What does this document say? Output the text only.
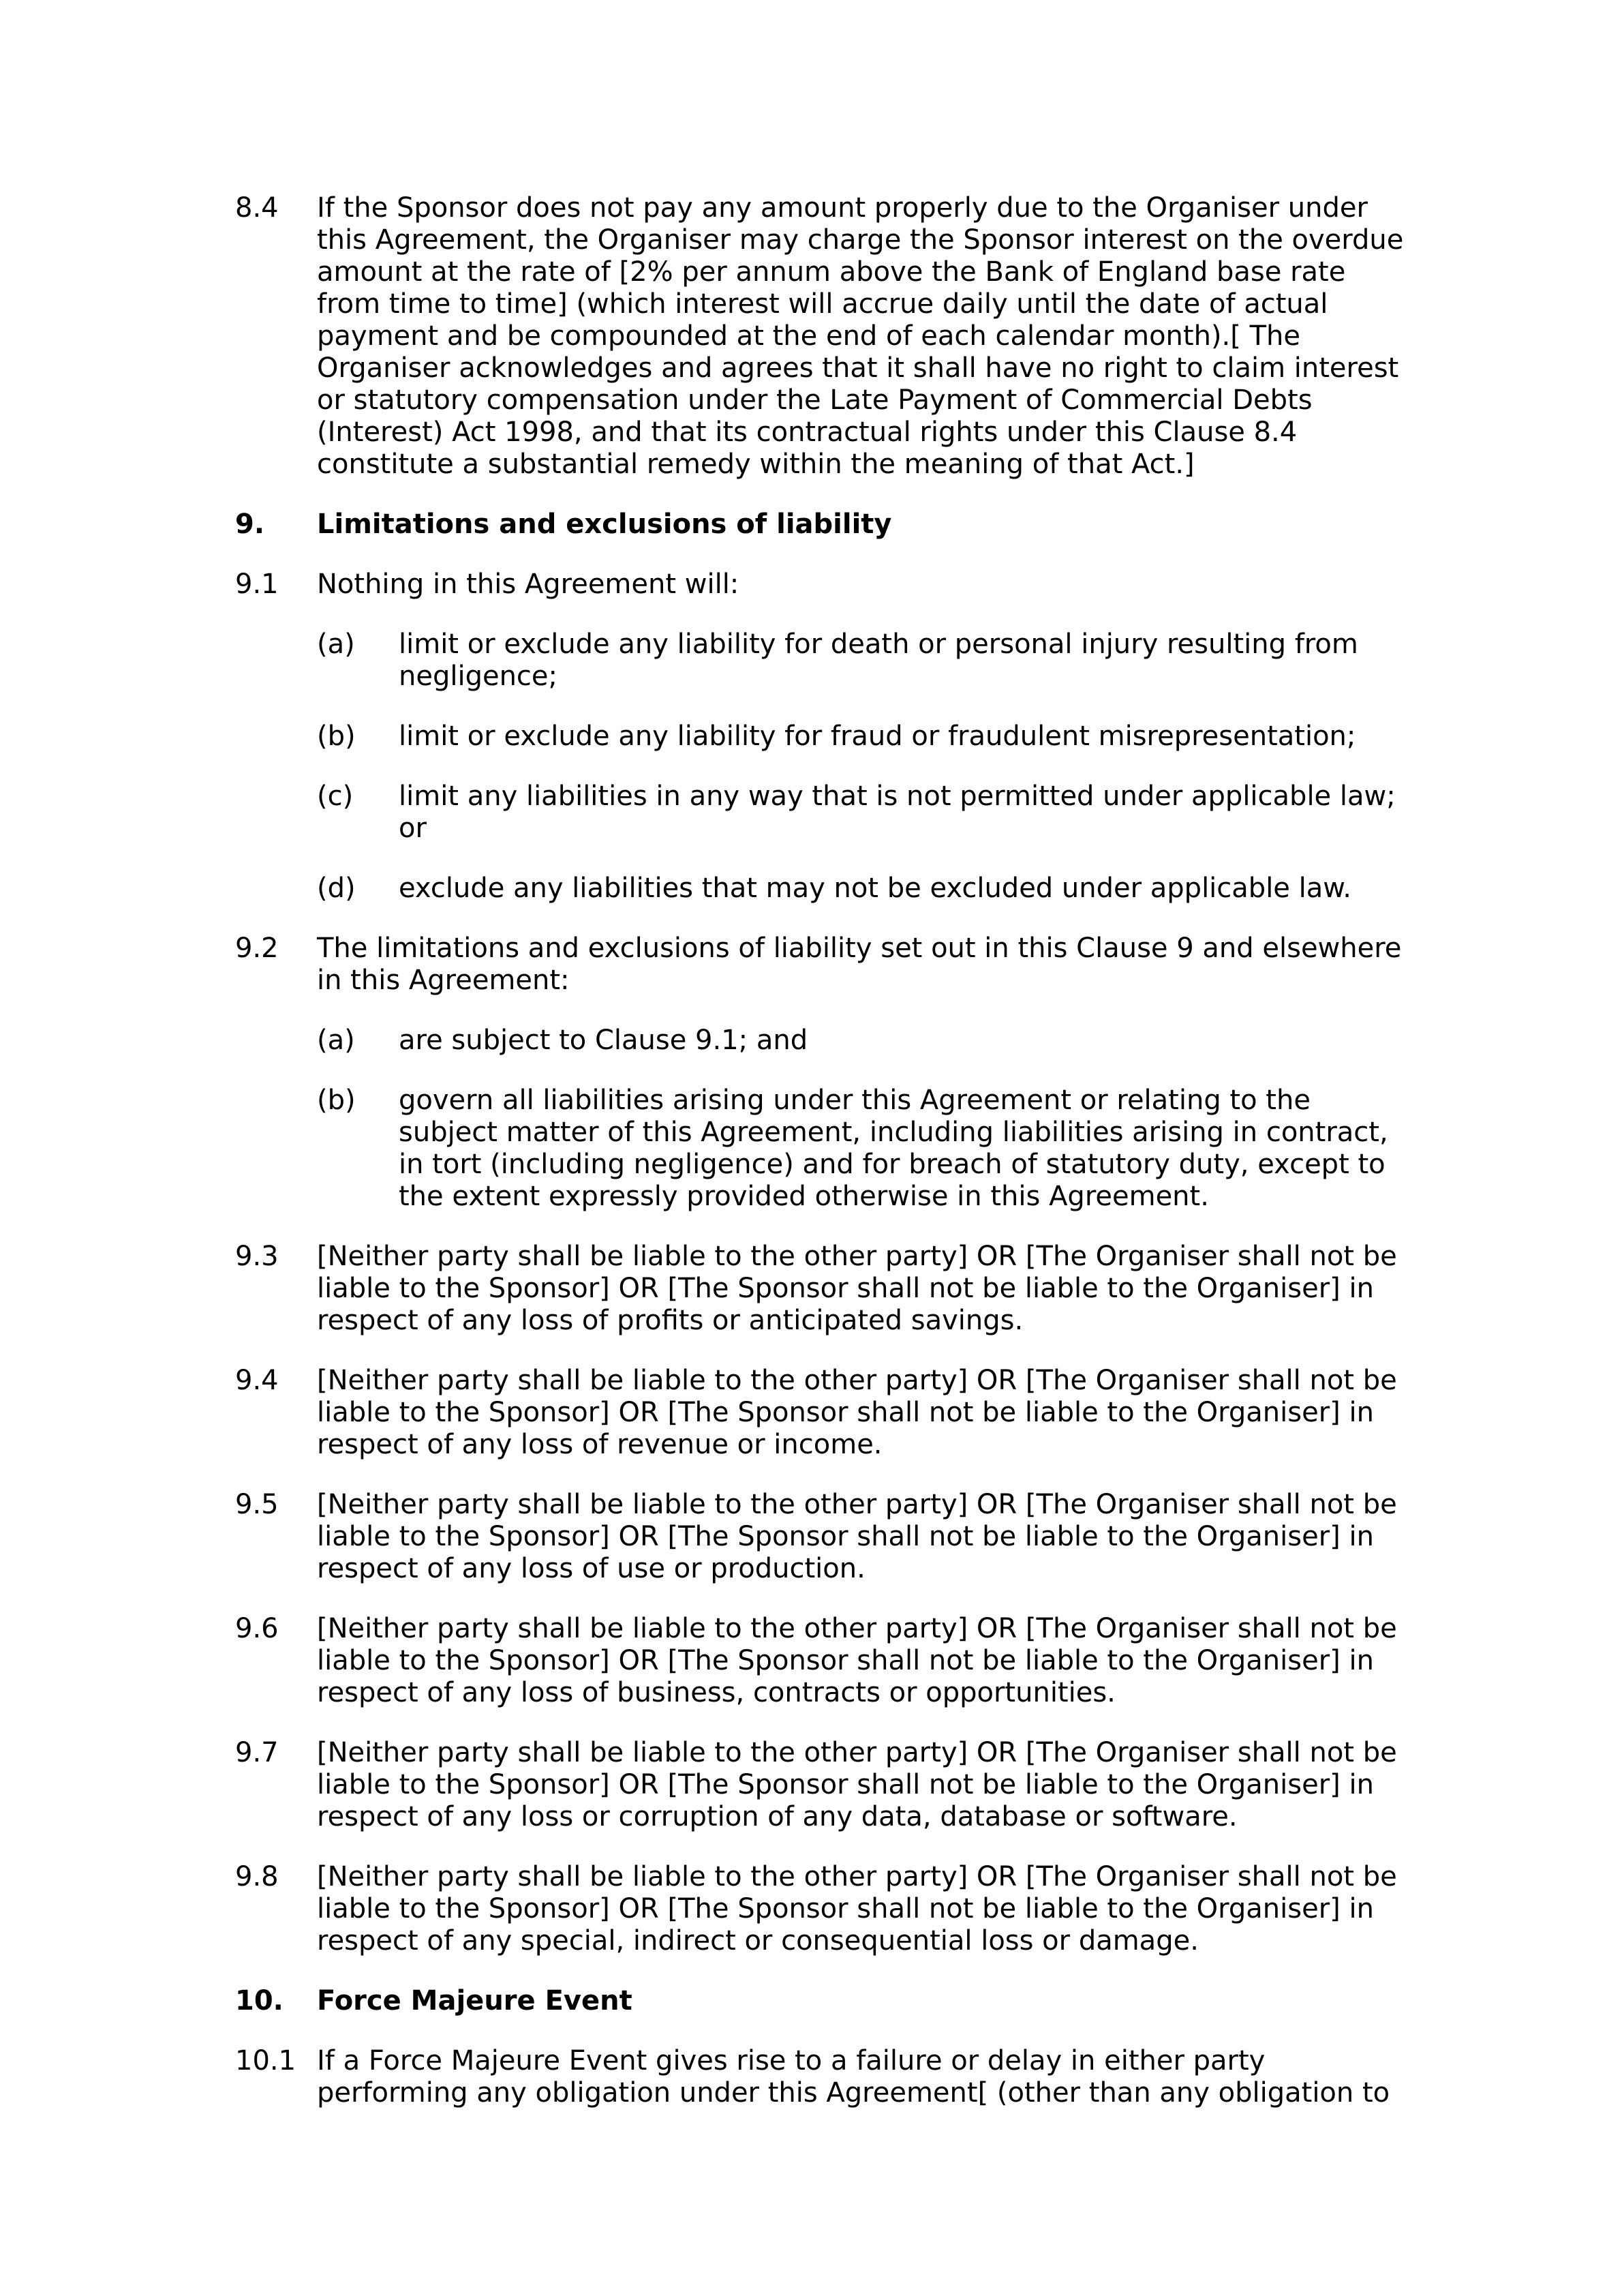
8.4	If the Sponsor does not pay any amount properly due to the Organiser under this Agreement, the Organiser may charge the Sponsor interest on the overdue amount at the rate of [2% per annum above the Bank of England base rate from time to time] (which interest will accrue daily until the date of actual payment and be compounded at the end of each calendar month).[ The Organiser acknowledges and agrees that it shall have no right to claim interest or statutory compensation under the Late Payment of Commercial Debts (Interest) Act 1998, and that its contractual rights under this Clause 8.4 constitute a substantial remedy within the meaning of that Act.]
9.	Limitations and exclusions of liability
9.1	Nothing in this Agreement will:
(a)	limit or exclude any liability for death or personal injury resulting from negligence;
(b)	limit or exclude any liability for fraud or fraudulent misrepresentation;
(c)	limit any liabilities in any way that is not permitted under applicable law; or
(d)	exclude any liabilities that may not be excluded under applicable law.
9.2	The limitations and exclusions of liability set out in this Clause 9 and elsewhere in this Agreement:
(a)	are subject to Clause 9.1; and
(b)	govern all liabilities arising under this Agreement or relating to the subject matter of this Agreement, including liabilities arising in contract, in tort (including negligence) and for breach of statutory duty, except to the extent expressly provided otherwise in this Agreement.
9.3	[Neither party shall be liable to the other party] OR [The Organiser shall not be liable to the Sponsor] OR [The Sponsor shall not be liable to the Organiser] in respect of any loss of profits or anticipated savings.
9.4	[Neither party shall be liable to the other party] OR [The Organiser shall not be liable to the Sponsor] OR [The Sponsor shall not be liable to the Organiser] in respect of any loss of revenue or income.
9.5	[Neither party shall be liable to the other party] OR [The Organiser shall not be liable to the Sponsor] OR [The Sponsor shall not be liable to the Organiser] in respect of any loss of use or production.
9.6	[Neither party shall be liable to the other party] OR [The Organiser shall not be liable to the Sponsor] OR [The Sponsor shall not be liable to the Organiser] in respect of any loss of business, contracts or opportunities.
9.7	[Neither party shall be liable to the other party] OR [The Organiser shall not be liable to the Sponsor] OR [The Sponsor shall not be liable to the Organiser] in respect of any loss or corruption of any data, database or software.
9.8	[Neither party shall be liable to the other party] OR [The Organiser shall not be liable to the Sponsor] OR [The Sponsor shall not be liable to the Organiser] in respect of any special, indirect or consequential loss or damage.
10.	Force Majeure Event
10.1 If a Force Majeure Event gives rise to a failure or delay in either party performing any obligation under this Agreement[ (other than any obligation to
